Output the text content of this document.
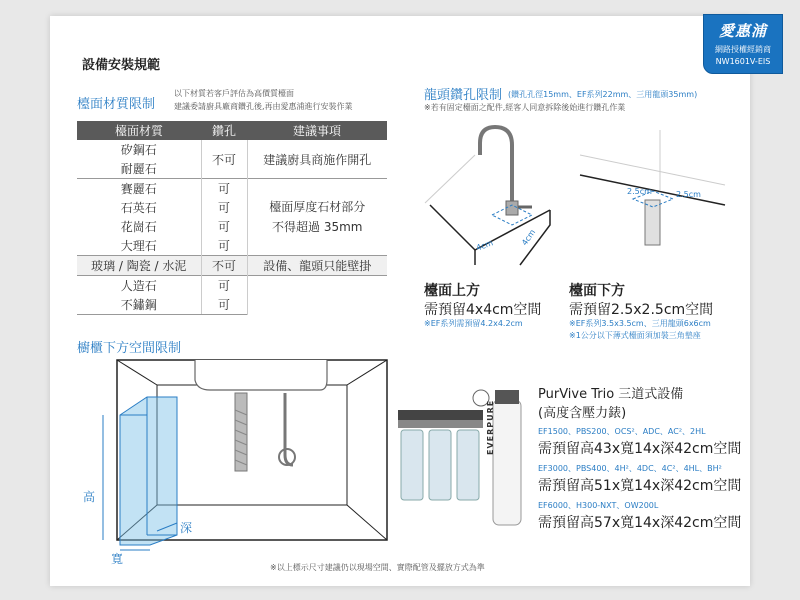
愛惠浦
網路授權經銷商
NW1601V-EIS
設備安裝規範
檯面材質限制
以下材質若客戶評估為高價質檯面
建議委請廚具廠商鑽孔後,再由愛惠浦進行安裝作業
檯面材質	鑽孔	建議事項
矽鋼石	不可	建議廚具商施作開孔
耐麗石		
賽麗石	可	檯面厚度石材部分
不得超過 35mm

石英石	可	
花崗石	可	
大理石	可	
玻璃 / 陶瓷 / 水泥	不可	設備、龍頭只能壁掛
人造石	可	
不鏽鋼	可	
龍頭鑽孔限制 (鑽孔孔徑15mm、EF系列22mm、三用龍頭35mm)
※若有固定檯面之配件,經客人同意拆除後始進行鑽孔作業
4cm	4cm
2.5cm	2.5cm
檯面上方
需預留4x4cm空間
※EF系列需預留4.2x4.2cm
檯面下方
需預留2.5x2.5cm空間
※EF系列3.5x3.5cm、三用龍頭6x6cm
※1公分以下薄式檯面須加裝三角墊座
櫥櫃下方空間限制
高
深
寬
EVERPURE
PurVive Trio 三道式設備
(高度含壓力錶)
EF1500、PBS200、OCS²、ADC、AC²、2HL
需預留高43x寬14x深42cm空間
EF3000、PBS400、4H²、4DC、4C²、4HL、BH²
需預留高51x寬14x深42cm空間
EF6000、H300-NXT、OW200L
需預留高57x寬14x深42cm空間
※以上標示尺寸建議仍以現場空間、實際配管及擺放方式為準
